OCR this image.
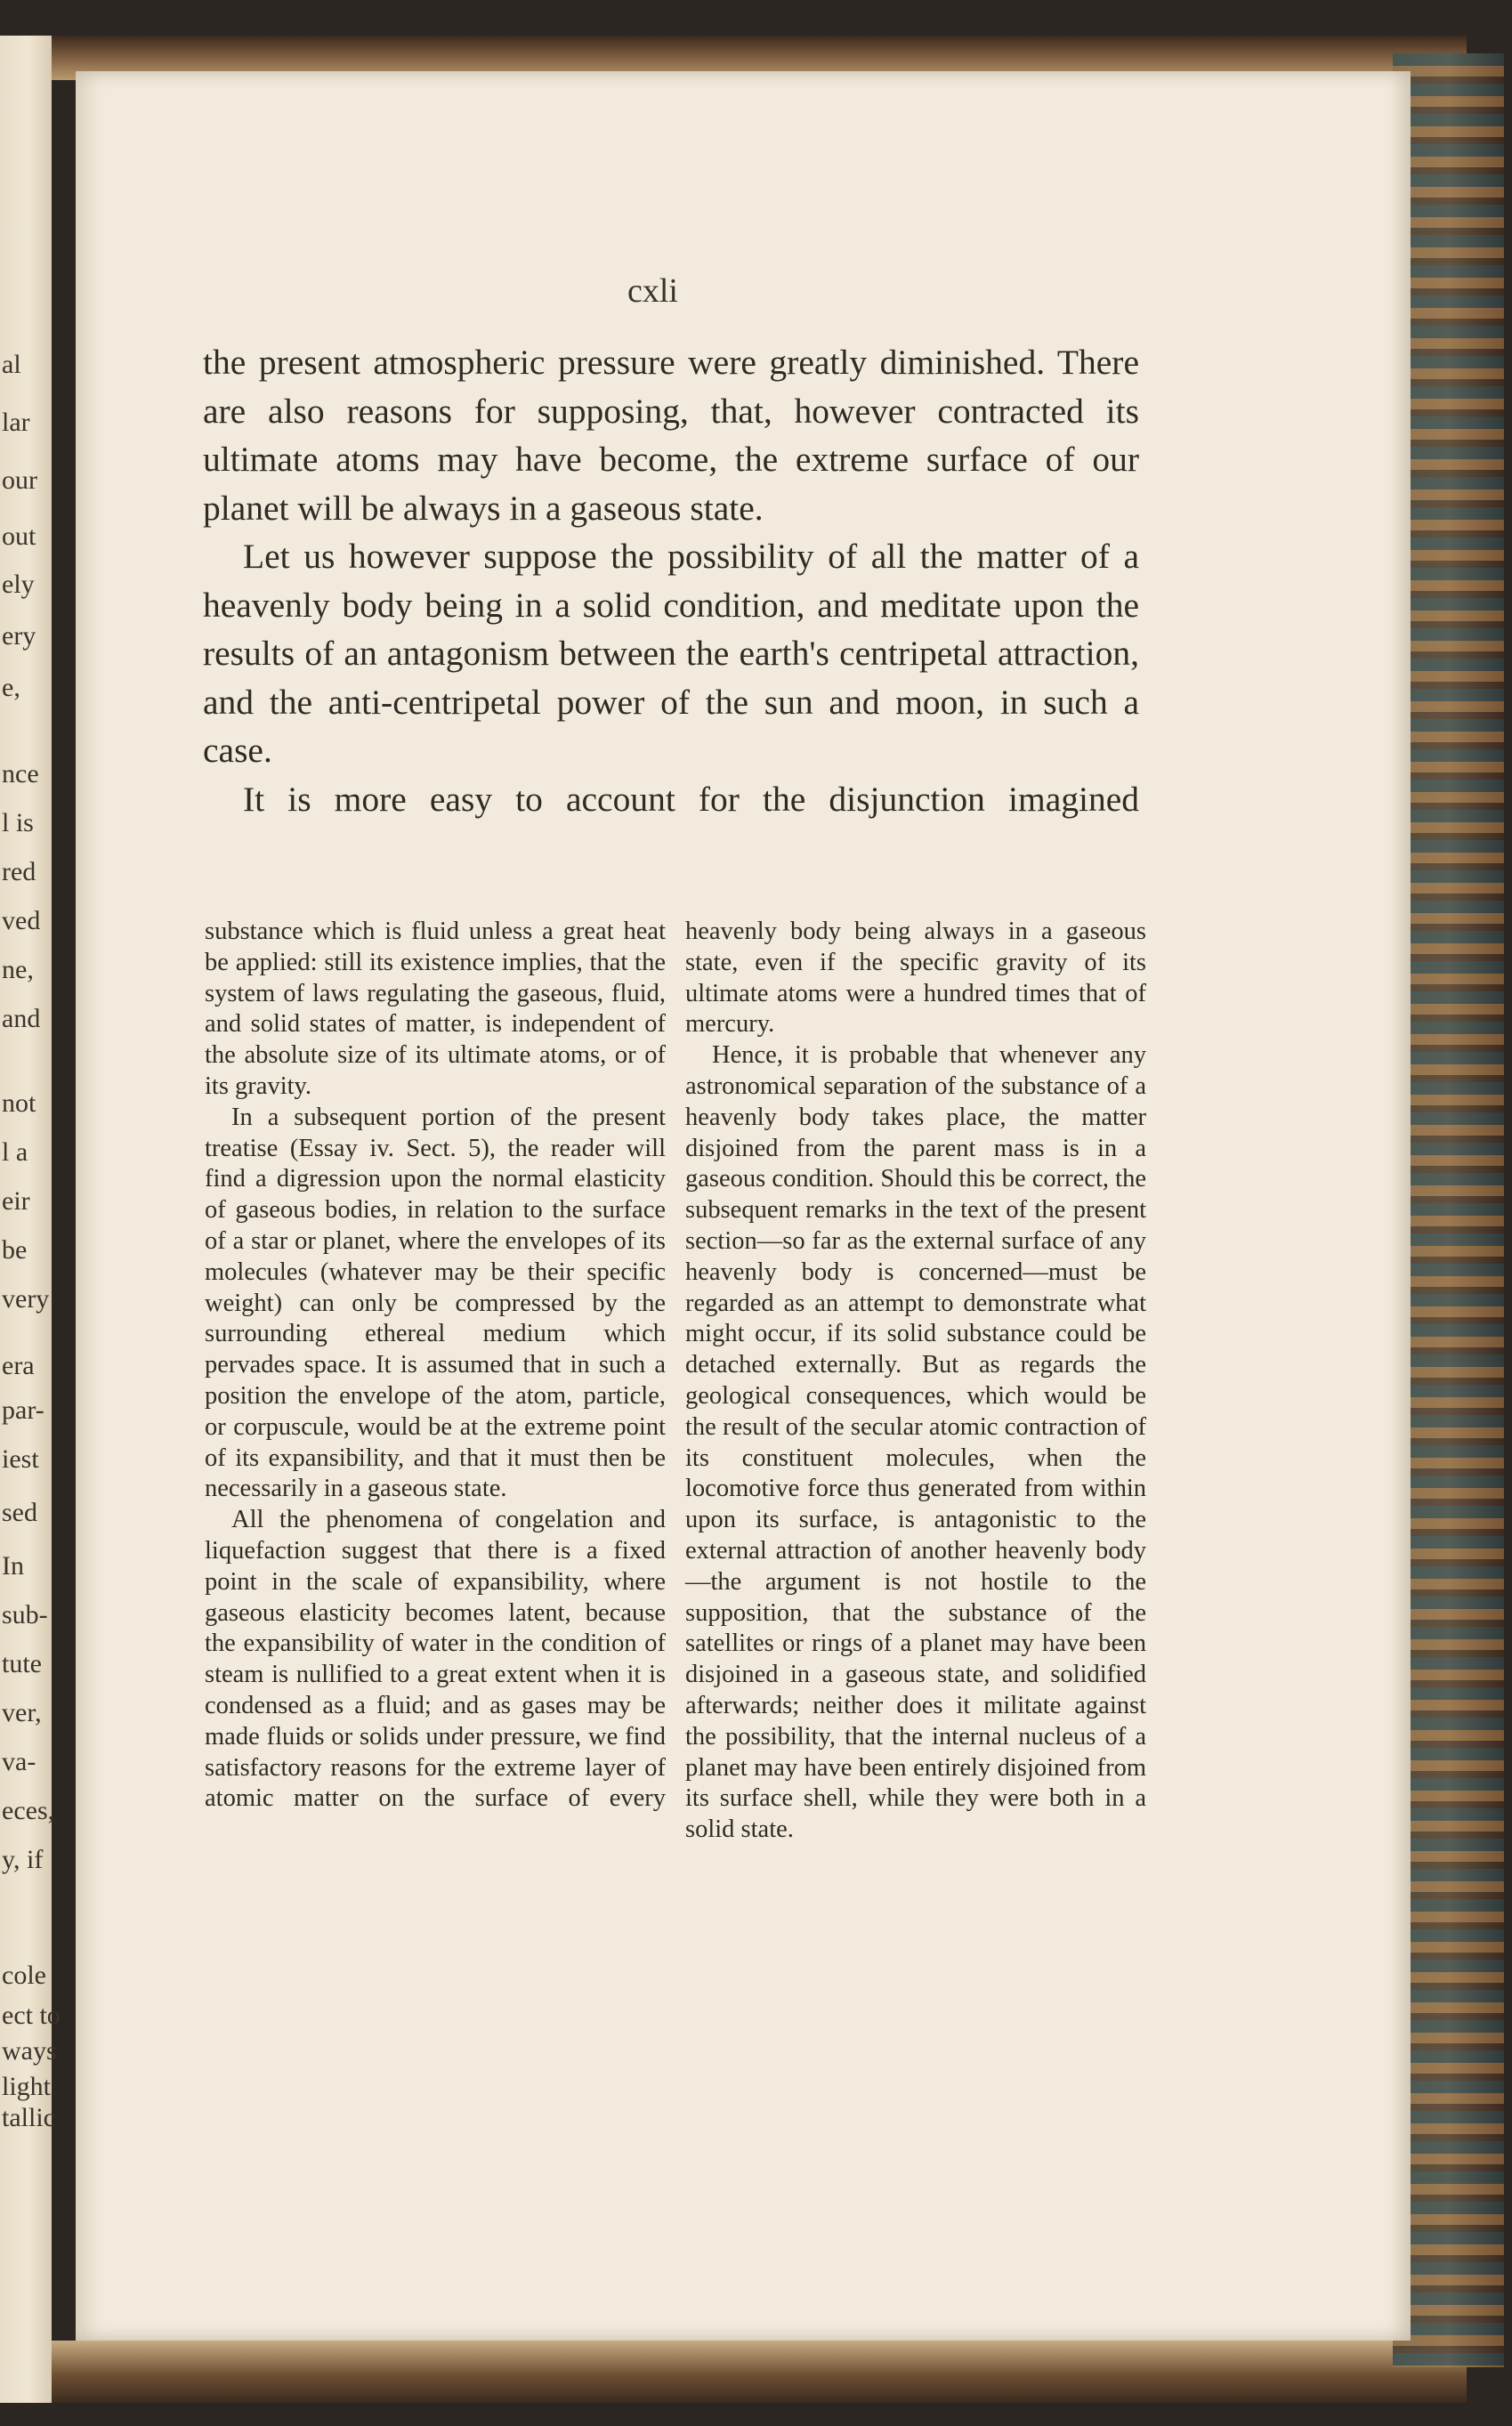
al
lar
our
out
ely
ery
e,
nce
l is
red
ved
ne,
and
not
l a
eir
be
very
era
par-
iest
sed
In
sub-
tute
ver,
va-
eces,
y, if
cole
ect to
ways
light
tallic
cxli

the present atmospheric pressure were greatly diminished. There are also reasons for supposing, that, however contracted its ultimate atoms may have become, the extreme surface of our planet will be always in a gaseous state.

Let us however suppose the possibility of all the matter of a heavenly body being in a solid condition, and meditate upon the results of an antagonism between the earth's centripetal attraction, and the anti-centripetal power of the sun and moon, in such a case.

It is more easy to account for the disjunction imagined

substance which is fluid unless a great heat be applied: still its existence implies, that the system of laws regulating the gaseous, fluid, and solid states of matter, is independent of the absolute size of its ultimate atoms, or of its gravity.

In a subsequent portion of the present treatise (Essay iv. Sect. 5), the reader will find a digression upon the normal elasticity of gaseous bodies, in relation to the surface of a star or planet, where the envelopes of its molecules (whatever may be their specific weight) can only be compressed by the surrounding ethereal medium which pervades space. It is assumed that in such a position the envelope of the atom, particle, or corpuscule, would be at the extreme point of its expansibility, and that it must then be necessarily in a gaseous state.

All the phenomena of congelation and liquefaction suggest that there is a fixed point in the scale of expansibility, where gaseous elasticity becomes latent, because the expansibility of water in the condition of steam is nullified to a great extent when it is condensed as a fluid; and as gases may be made fluids or solids under pressure, we find satisfactory reasons for the extreme layer of atomic matter on the surface of every

heavenly body being always in a gaseous state, even if the specific gravity of its ultimate atoms were a hundred times that of mercury.

Hence, it is probable that whenever any astronomical separation of the substance of a heavenly body takes place, the matter disjoined from the parent mass is in a gaseous condition. Should this be correct, the subsequent remarks in the text of the present section—so far as the external surface of any heavenly body is concerned—must be regarded as an attempt to demonstrate what might occur, if its solid substance could be detached externally. But as regards the geological consequences, which would be the result of the secular atomic contraction of its constituent molecules, when the locomotive force thus generated from within upon its surface, is antagonistic to the external attraction of another heavenly body—the argument is not hostile to the supposition, that the substance of the satellites or rings of a planet may have been disjoined in a gaseous state, and solidified afterwards; neither does it militate against the possibility, that the internal nucleus of a planet may have been entirely disjoined from its surface shell, while they were both in a solid state.
